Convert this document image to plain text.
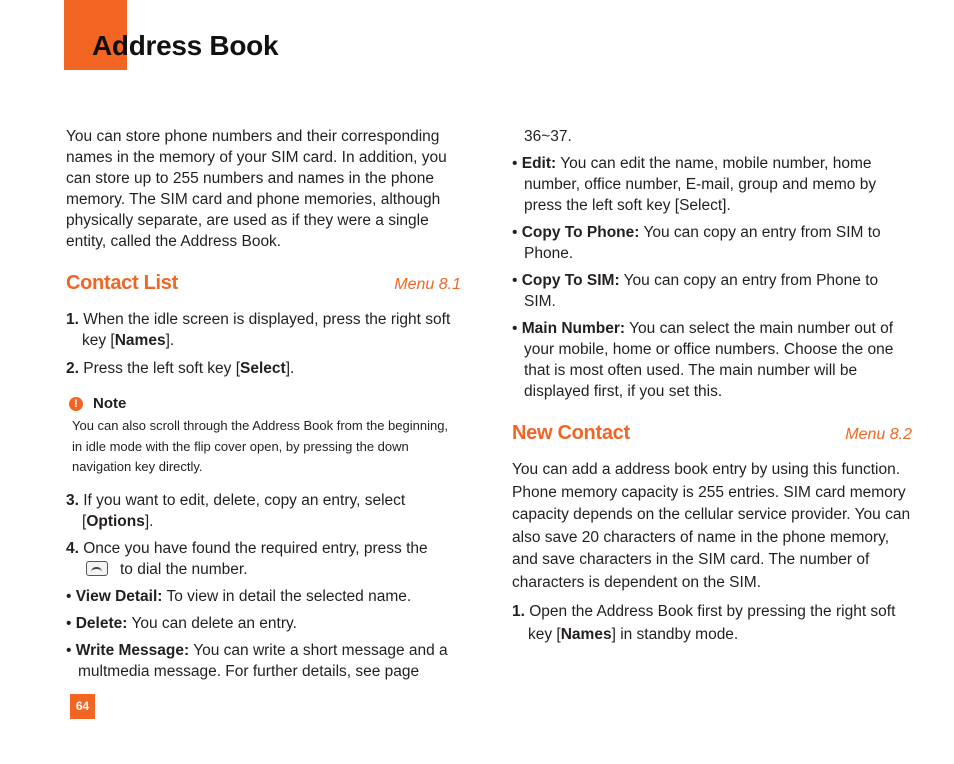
Address Book

You can store phone numbers and their corresponding names in the memory of your SIM card. In addition, you can store up to 255 numbers and names in the phone memory. The SIM card and phone memories, although physically separate, are used as if they were a single entity, called the Address Book.

Contact List	Menu 8.1

1. When the idle screen is displayed, press the right soft key [Names].

2. Press the left soft key [Select].

!	Note

You can also scroll through the Address Book from the beginning, in idle mode with the flip cover open, by pressing the down navigation key directly.

3. If you want to edit, delete, copy an entry, select [Options].

4. Once you have found the required entry, press the
to dial the number.

• View Detail: To view in detail the selected name.

• Delete: You can delete an entry.

• Write Message: You can write a short message and a multmedia message. For further details, see page

36~37.

• Edit: You can edit the name, mobile number, home number, office number, E-mail, group and memo by press the left soft key [Select].

• Copy To Phone: You can copy an entry from SIM to Phone.

• Copy To SIM: You can copy an entry from Phone to SIM.

• Main Number: You can select the main number out of your mobile, home or office numbers. Choose the one that is most often used. The main number will be displayed first, if you set this.

New Contact	Menu 8.2

You can add a address book entry by using this function. Phone memory capacity is 255 entries. SIM card memory capacity depends on the cellular service provider. You can also save 20 characters of name in the phone memory, and save characters in the SIM card. The number of characters is dependent on the SIM.

1. Open the Address Book first by pressing the right soft key [Names] in standby mode.

64
